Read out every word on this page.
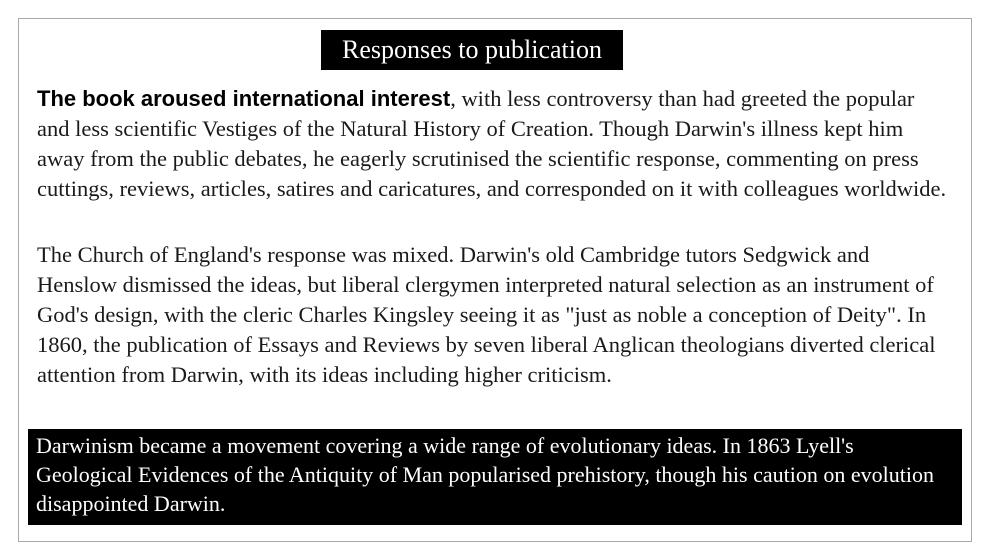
Responses to publication

The book aroused international interest, with less controversy than had greeted the popular and less scientific Vestiges of the Natural History of Creation. Though Darwin's illness kept him away from the public debates, he eagerly scrutinised the scientific response, commenting on press cuttings, reviews, articles, satires and caricatures, and corresponded on it with colleagues worldwide.

The Church of England's response was mixed. Darwin's old Cambridge tutors Sedgwick and Henslow dismissed the ideas, but liberal clergymen interpreted natural selection as an instrument of God's design, with the cleric Charles Kingsley seeing it as "just as noble a conception of Deity". In 1860, the publication of Essays and Reviews by seven liberal Anglican theologians diverted clerical attention from Darwin, with its ideas including higher criticism.

Darwinism became a movement covering a wide range of evolutionary ideas. In 1863 Lyell's Geological Evidences of the Antiquity of Man popularised prehistory, though his caution on evolution disappointed Darwin.
